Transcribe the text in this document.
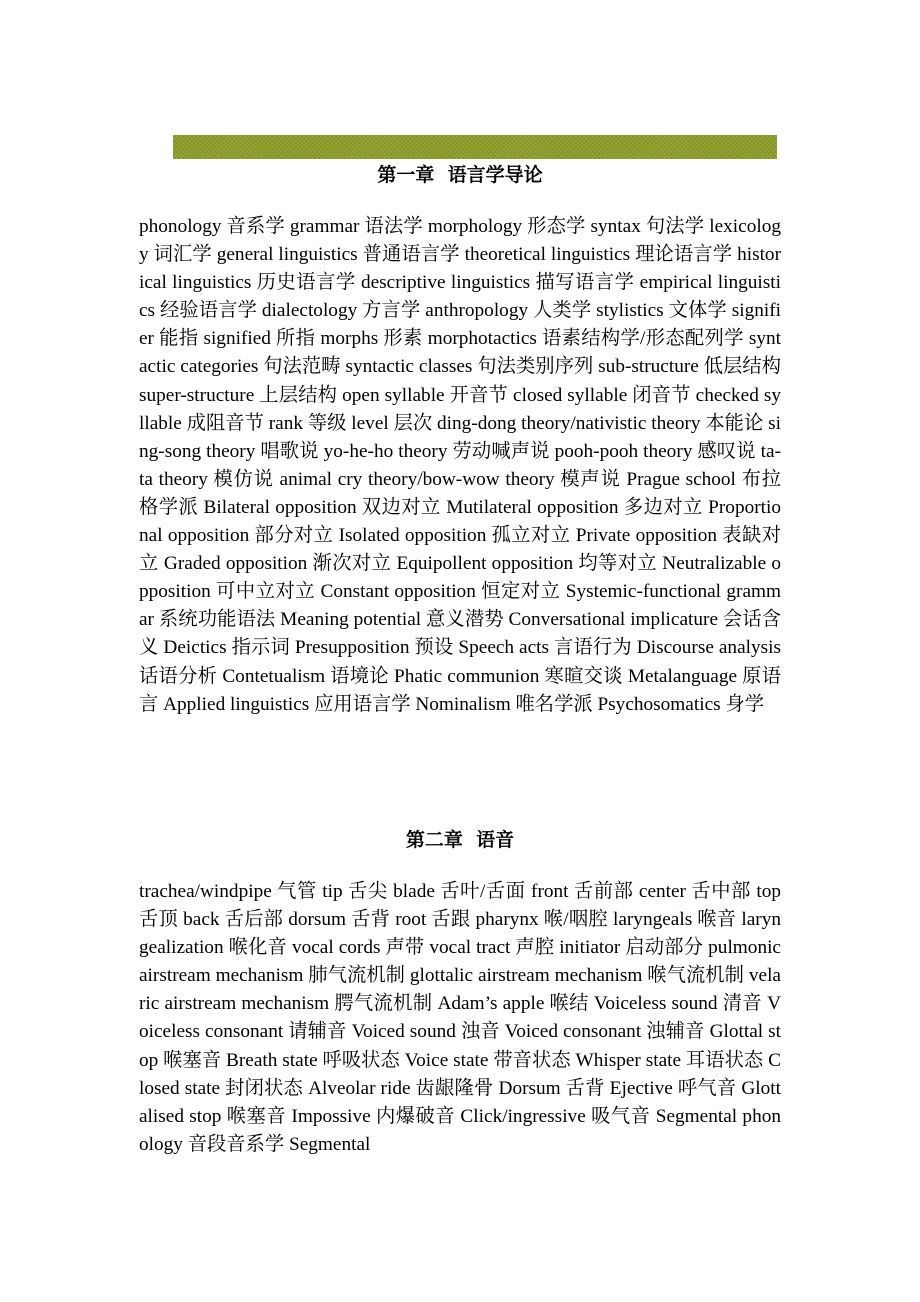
第一章  语言学导论

phonology 音系学 grammar 语法学 morphology 形态学 syntax 句法学 lexicology 词汇学 general linguistics 普通语言学 theoretical linguistics 理论语言学 historical linguistics 历史语言学 descriptive linguistics 描写语言学 empirical linguistics 经验语言学 dialectology 方言学 anthropology 人类学 stylistics 文体学 signifier 能指 signified 所指 morphs 形素 morphotactics 语素结构学/形态配列学 syntactic categories 句法范畴 syntactic classes 句法类别序列 sub-structure 低层结构 super-structure 上层结构 open syllable 开音节 closed syllable 闭音节 checked syllable 成阻音节 rank 等级 level 层次 ding-dong theory/nativistic theory 本能论 sing-song theory 唱歌说 yo-he-ho theory 劳动喊声说 pooh-pooh theory 感叹说 ta-ta theory 模仿说 animal cry theory/bow-wow theory 模声说 Prague school 布拉格学派 Bilateral opposition 双边对立 Mutilateral opposition 多边对立 Proportional opposition 部分对立 Isolated opposition 孤立对立 Private opposition 表缺对立 Graded opposition 渐次对立 Equipollent opposition 均等对立 Neutralizable opposition 可中立对立 Constant opposition 恒定对立 Systemic-functional grammar 系统功能语法 Meaning potential 意义潜势 Conversational implicature 会话含义 Deictics 指示词 Presupposition 预设 Speech acts 言语行为 Discourse analysis 话语分析 Contetualism 语境论 Phatic communion 寒暄交谈 Metalanguage 原语言 Applied linguistics 应用语言学 Nominalism 唯名学派 Psychosomatics 身学

第二章  语音

trachea/windpipe 气管 tip 舌尖 blade 舌叶/舌面 front 舌前部 center 舌中部 top 舌顶 back 舌后部 dorsum 舌背 root 舌跟 pharynx 喉/咽腔 laryngeals 喉音 laryngealization 喉化音 vocal cords 声带 vocal tract 声腔 initiator 启动部分 pulmonic airstream mechanism 肺气流机制 glottalic airstream mechanism 喉气流机制 velaric airstream mechanism 腭气流机制 Adam’s apple 喉结 Voiceless sound 清音 Voiceless consonant 请辅音 Voiced sound 浊音 Voiced consonant 浊辅音 Glottal stop 喉塞音 Breath state 呼吸状态 Voice state 带音状态 Whisper state 耳语状态 Closed state 封闭状态 Alveolar ride 齿龈隆骨 Dorsum 舌背 Ejective 呼气音 Glottalised stop 喉塞音 Impossive 内爆破音 Click/ingressive 吸气音 Segmental phonology 音段音系学 Segmental
